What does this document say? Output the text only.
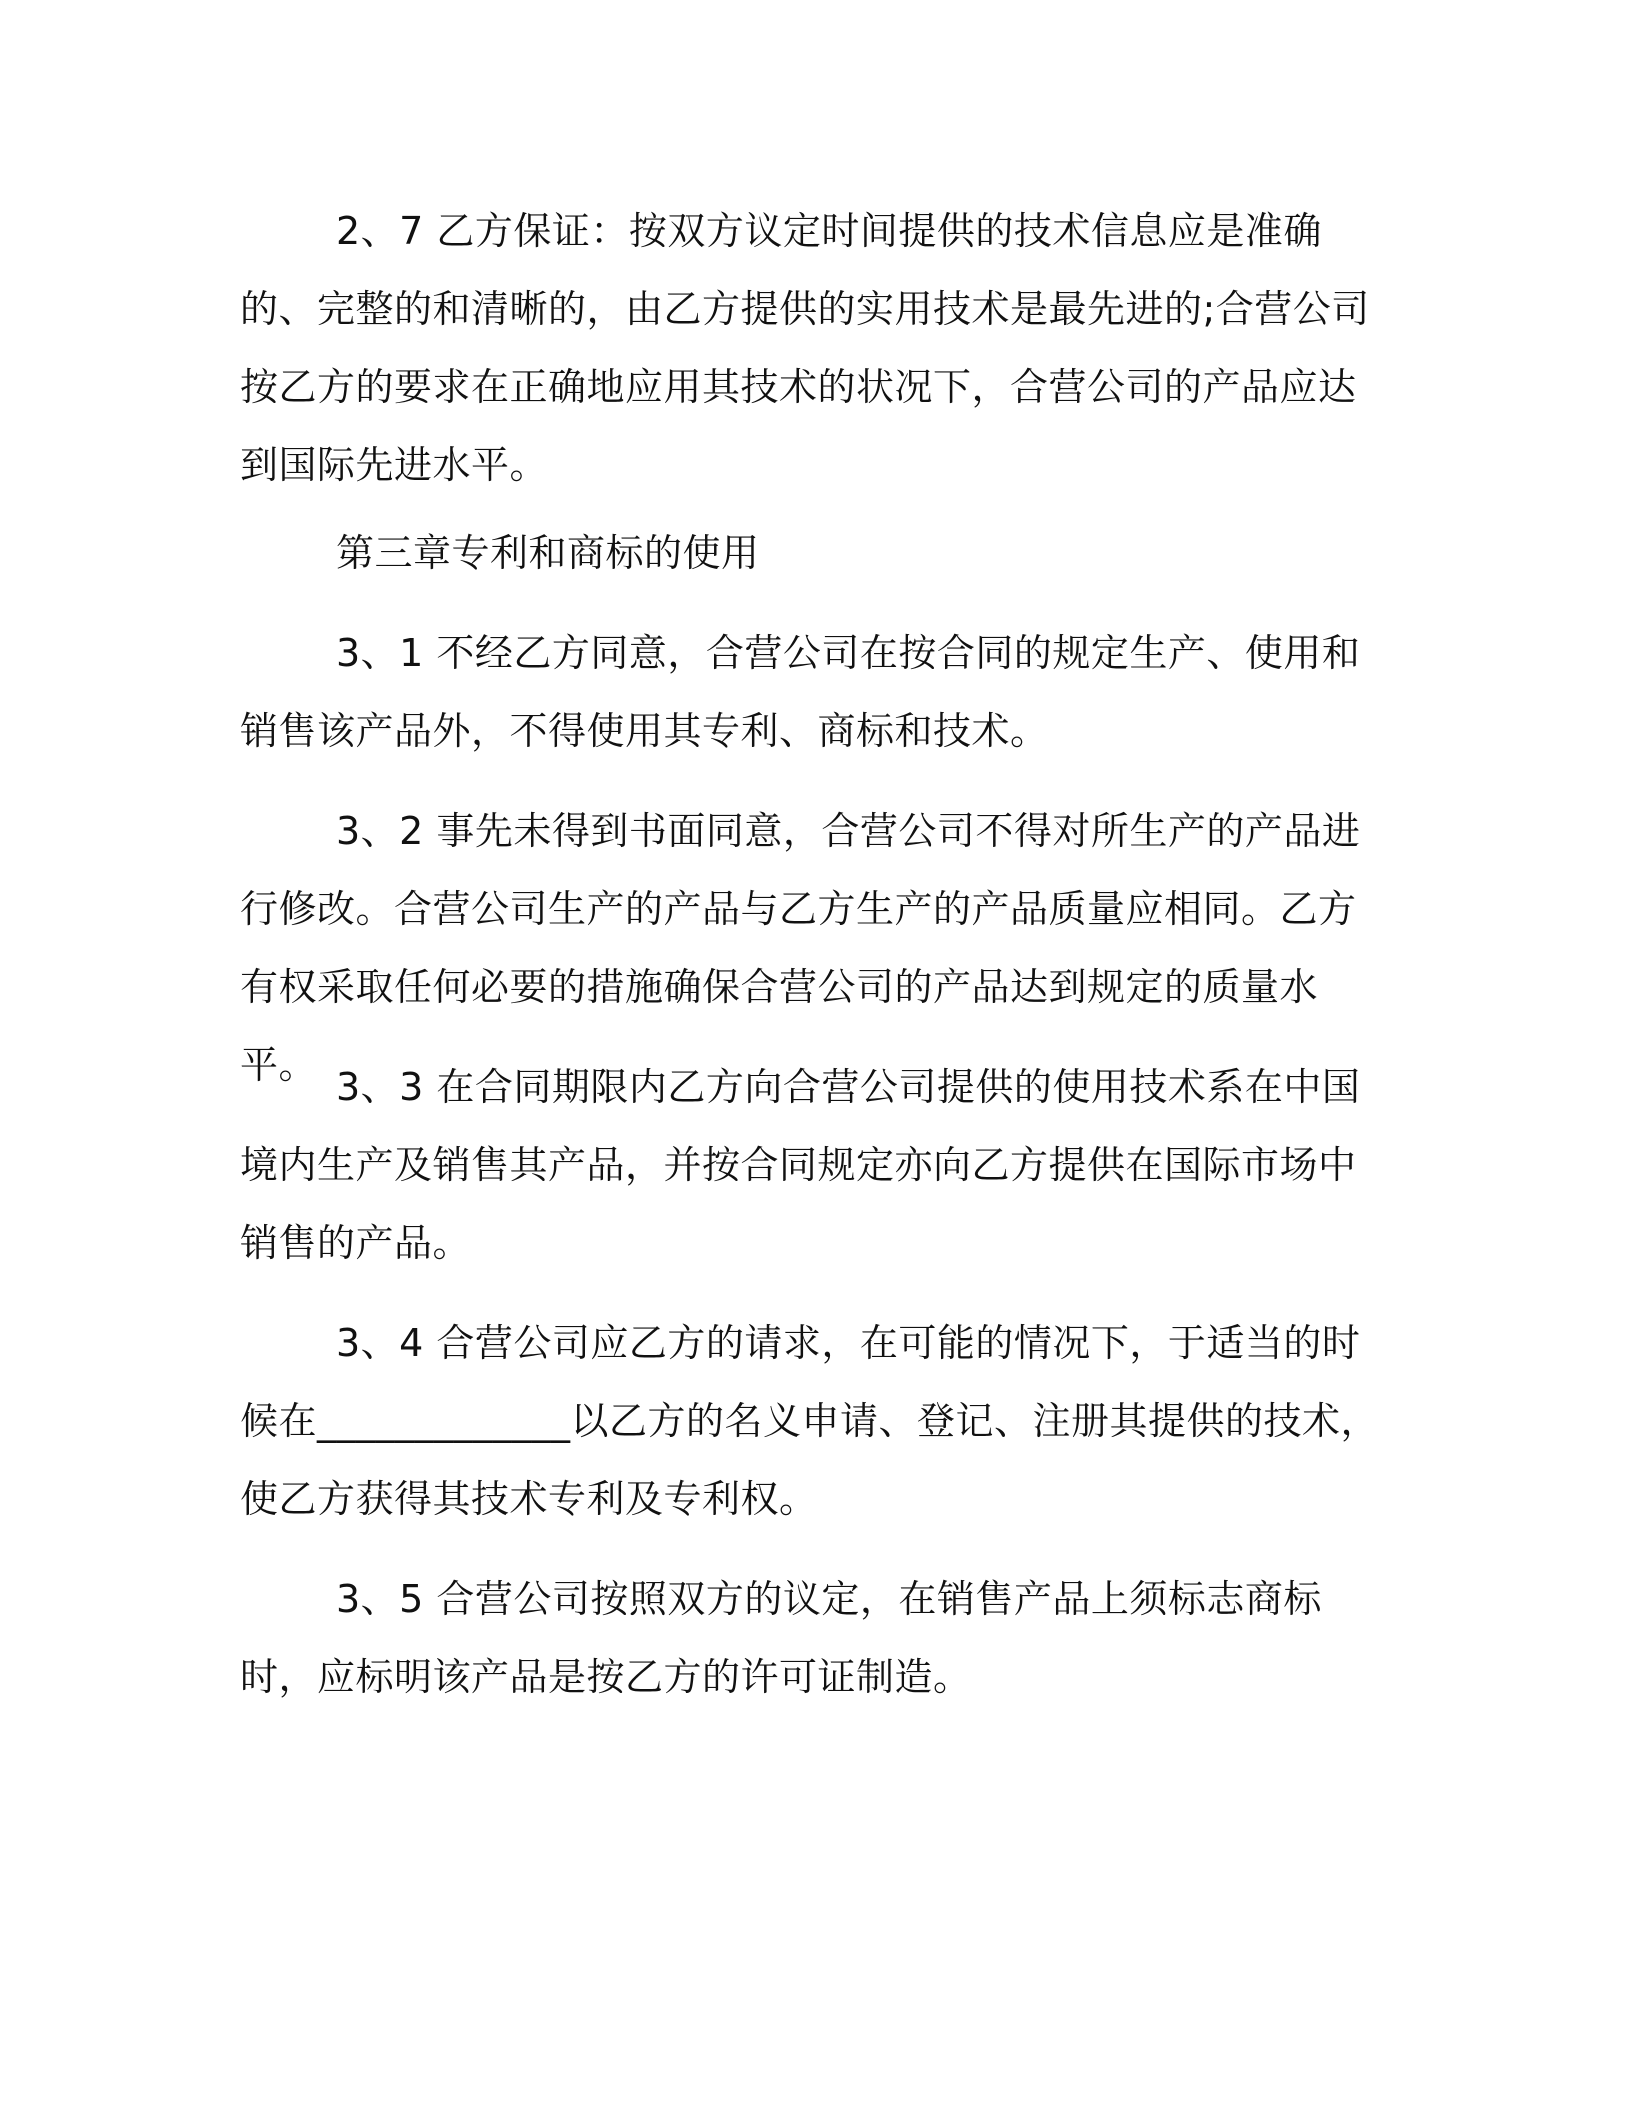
2、7 乙方保证：按双方议定时间提供的技术信息应是准确的、完整的和清晰的，由乙方提供的实用技术是最先进的;合营公司按乙方的要求在正确地应用其技术的状况下，合营公司的产品应达到国际先进水平。

第三章专利和商标的使用

3、1 不经乙方同意，合营公司在按合同的规定生产、使用和销售该产品外，不得使用其专利、商标和技术。

3、2 事先未得到书面同意，合营公司不得对所生产的产品进行修改。合营公司生产的产品与乙方生产的产品质量应相同。乙方有权采取任何必要的措施确保合营公司的产品达到规定的质量水平。 3、3 在合同期限内乙方向合营公司提供的使用技术系在中国境内生产及销售其产品，并按合同规定亦向乙方提供在国际市场中销售的产品。

3、4 合营公司应乙方的请求，在可能的情况下，于适当的时候在_____________以乙方的名义申请、登记、注册其提供的技术，使乙方获得其技术专利及专利权。

3、5 合营公司按照双方的议定，在销售产品上须标志商标时，应标明该产品是按乙方的许可证制造。
